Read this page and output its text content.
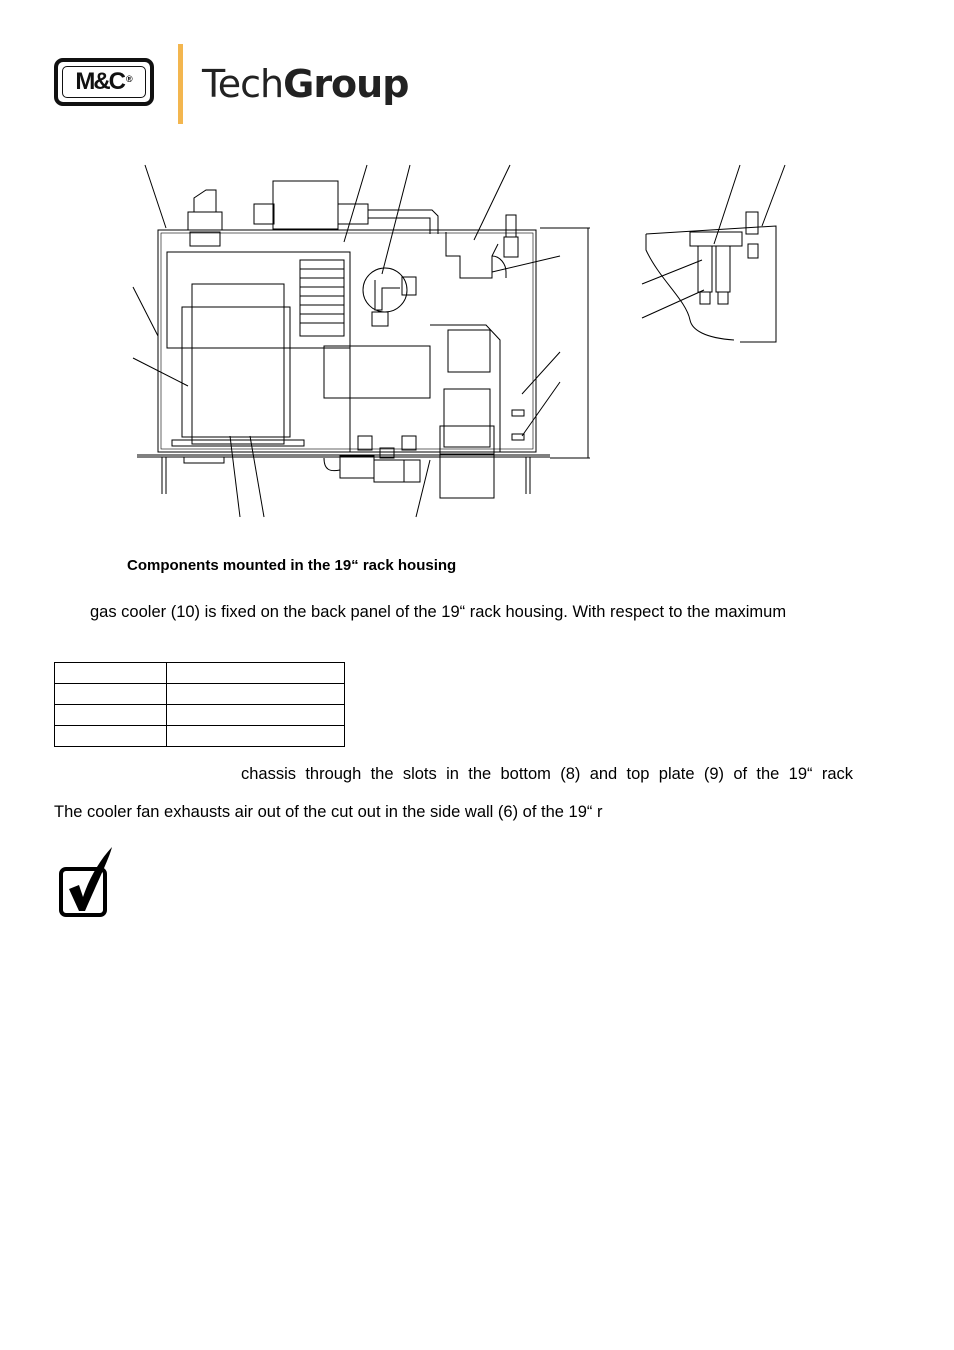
M&C ® TechGroup
Components mounted in the 19“ rack housing
gas cooler (10) is fixed on the back panel of the 19“ rack housing. With respect to the maximum

chassis through the slots in the bottom (8) and top plate (9) of the 19“ rack
The cooler fan exhausts air out of the cut out in the side wall (6) of the 19“ r
